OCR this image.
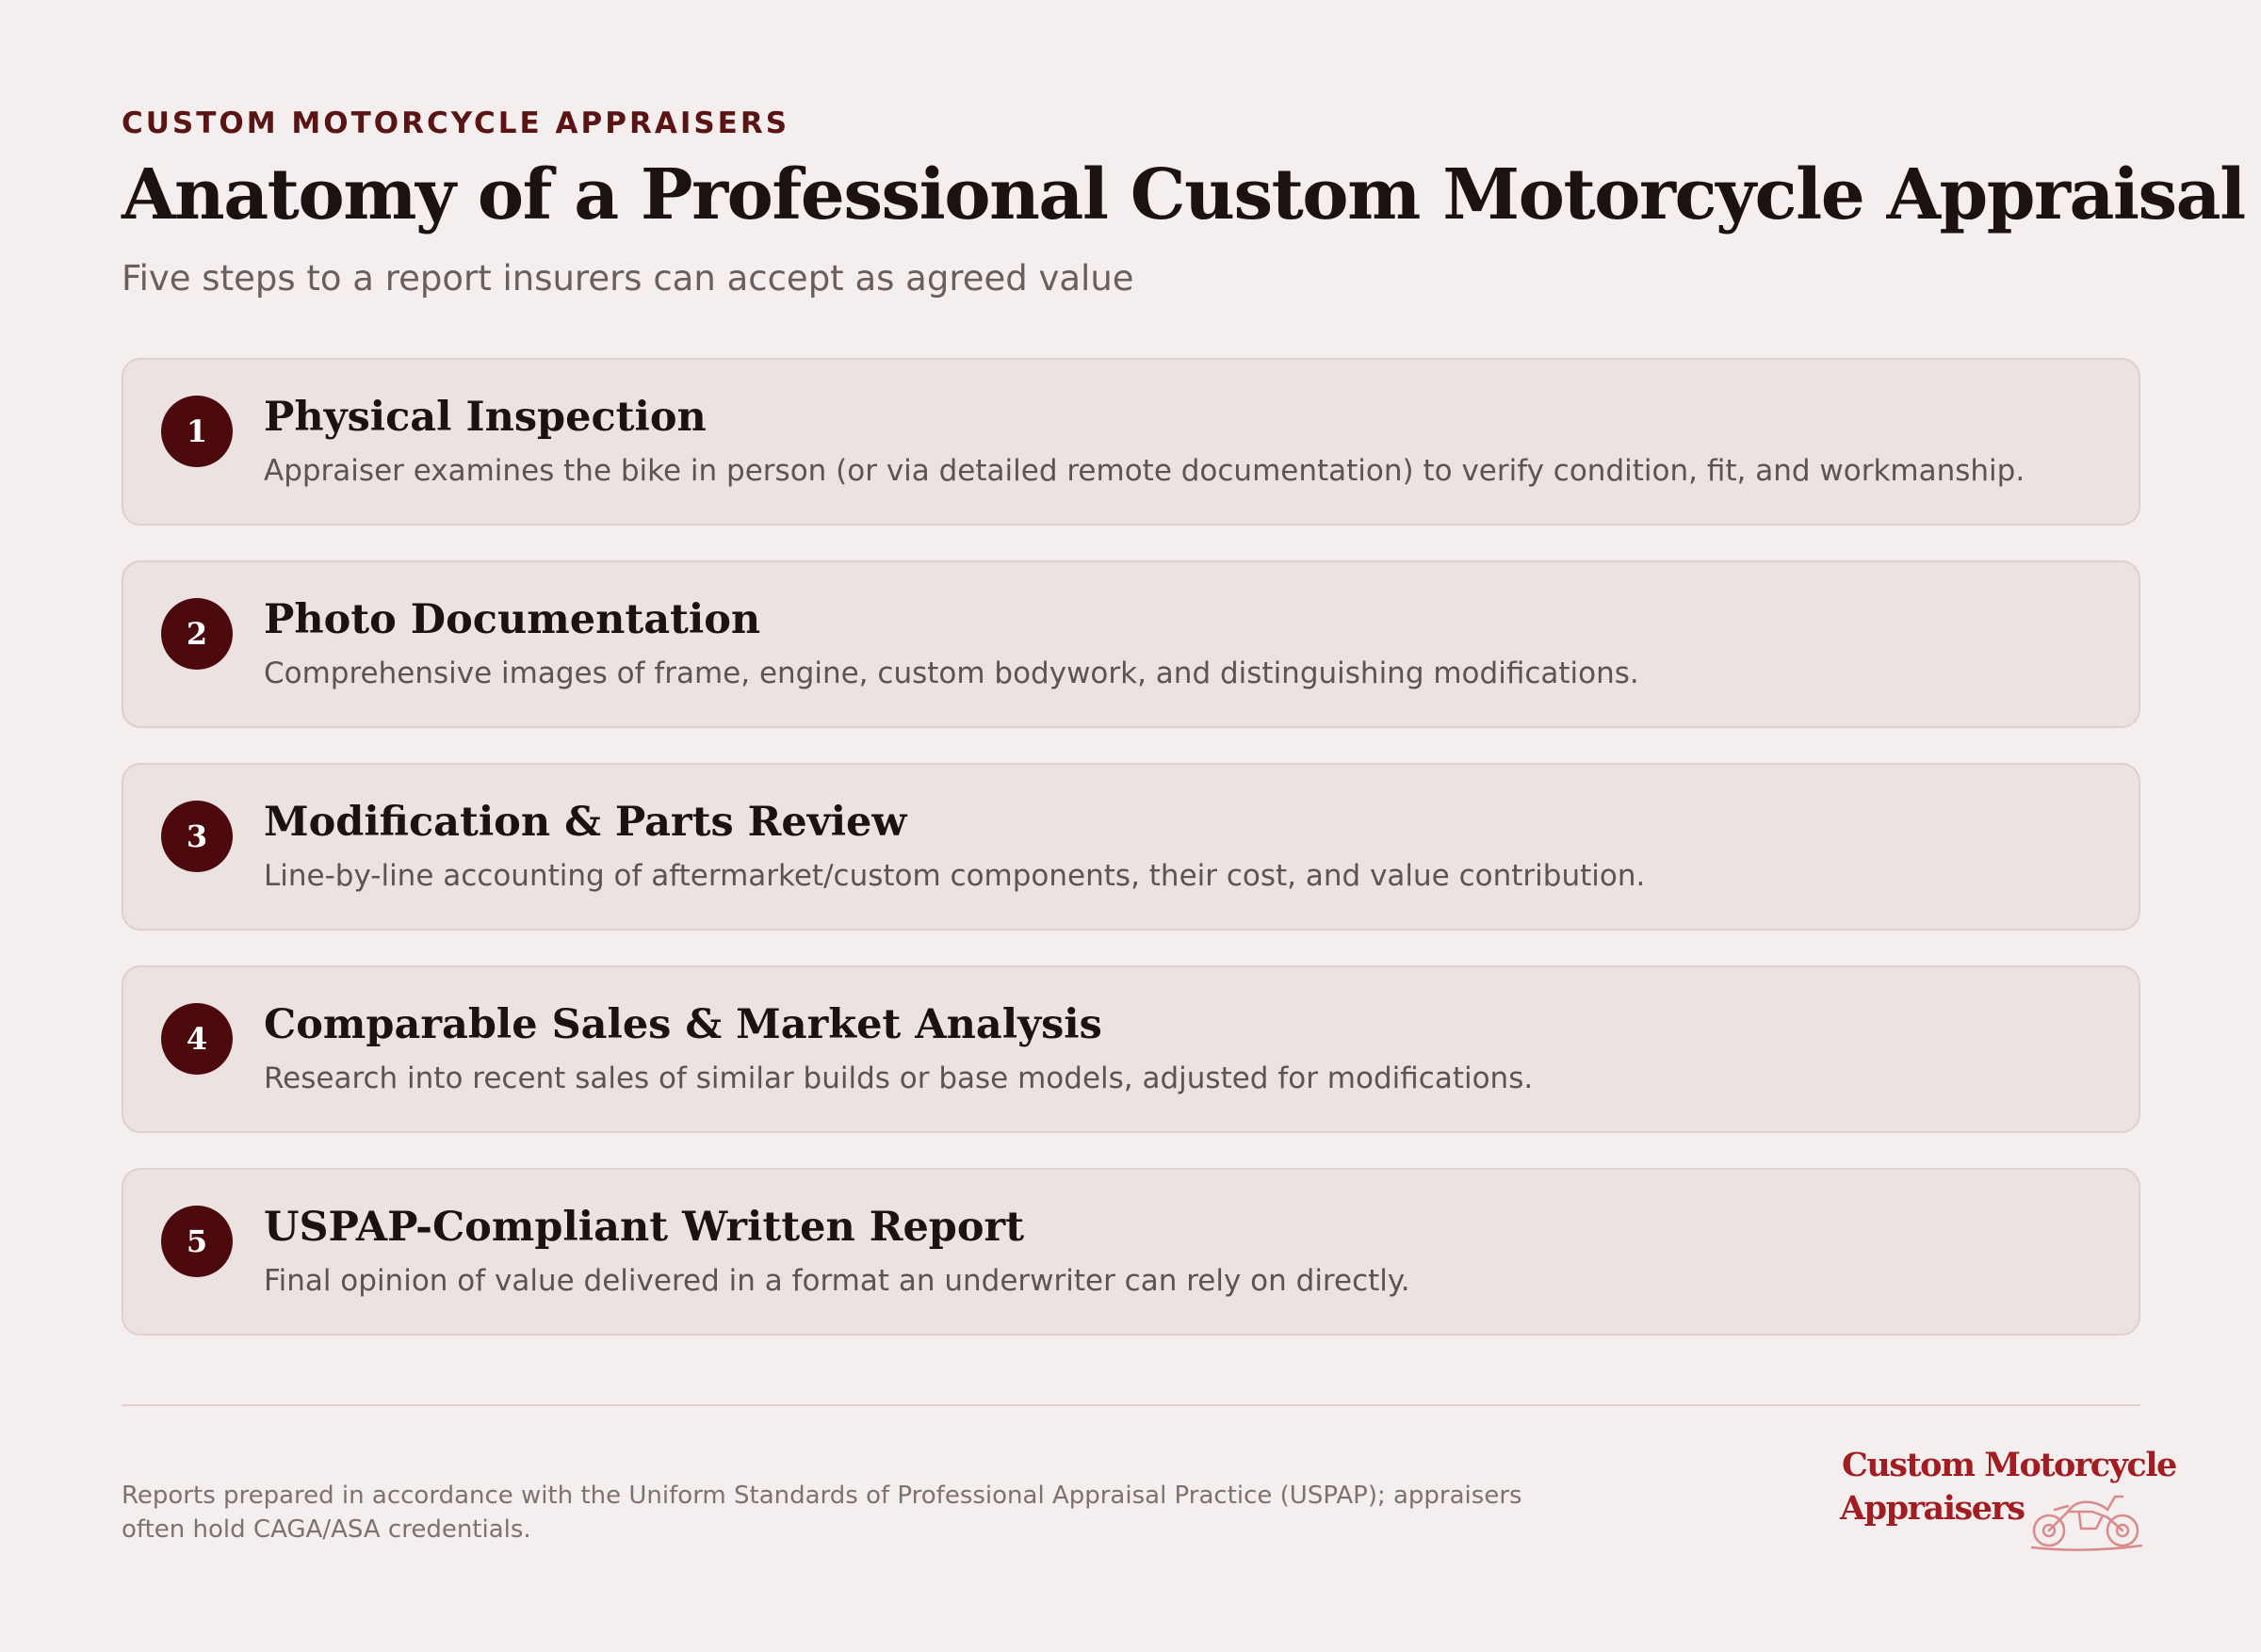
CUSTOM MOTORCYCLE APPRAISERS
Anatomy of a Professional Custom Motorcycle Appraisal
Five steps to a report insurers can accept as agreed value
1	Physical Inspection
Appraiser examines the bike in person (or via detailed remote documentation) to verify condition, fit, and workmanship.
2	Photo Documentation
Comprehensive images of frame, engine, custom bodywork, and distinguishing modifications.
3	Modification & Parts Review
Line-by-line accounting of aftermarket/custom components, their cost, and value contribution.
4	Comparable Sales & Market Analysis
Research into recent sales of similar builds or base models, adjusted for modifications.
5	USPAP-Compliant Written Report
Final opinion of value delivered in a format an underwriter can rely on directly.

Reports prepared in accordance with the Uniform Standards of Professional Appraisal Practice (USPAP); appraisers often hold CAGA/ASA credentials.

Custom Motorcycle
Appraisers
